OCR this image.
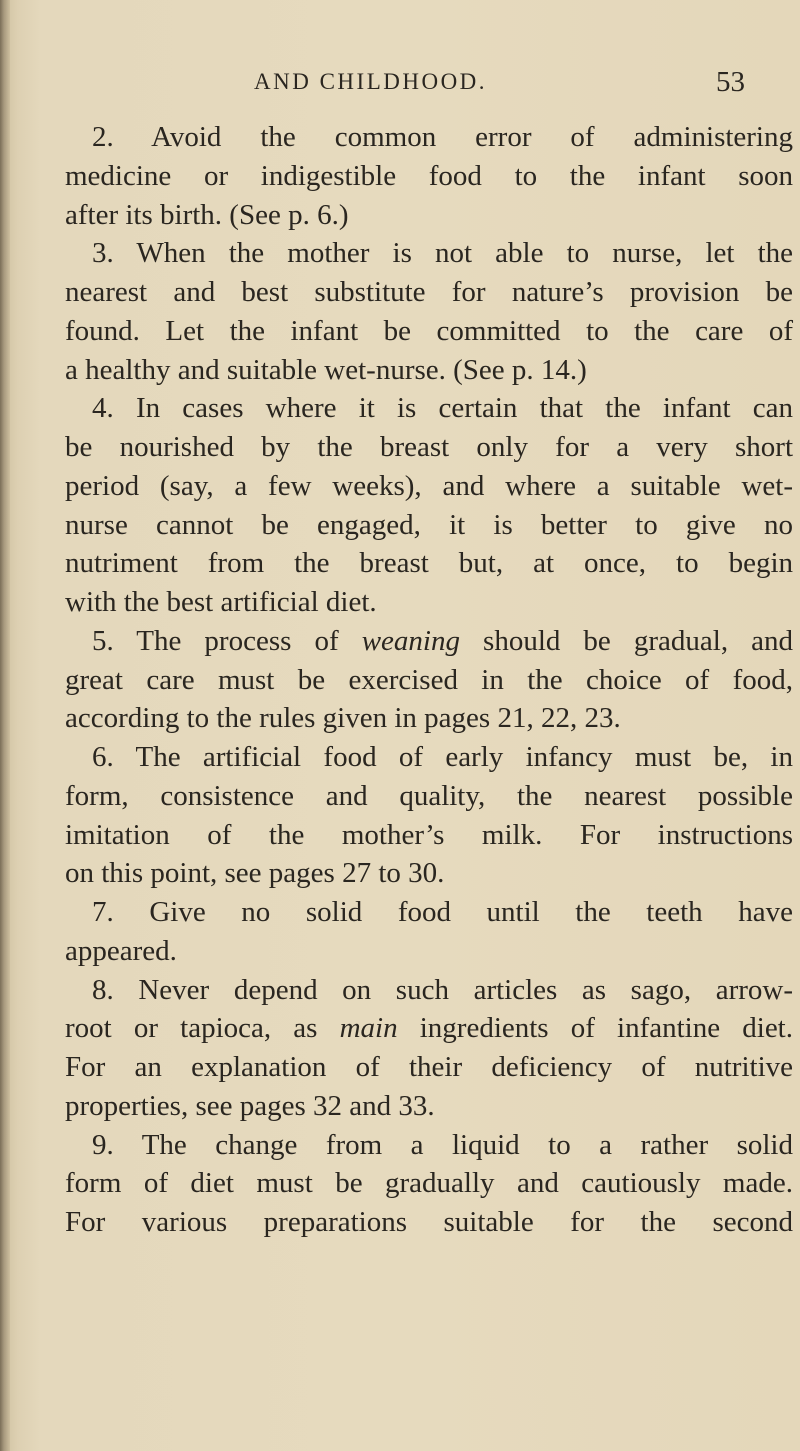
AND CHILDHOOD.	53
2. Avoid the common error of administering
medicine or indigestible food to the infant soon
after its birth. (See p. 6.)
3. When the mother is not able to nurse, let the
nearest and best substitute for nature’s provision be
found. Let the infant be committed to the care of
a healthy and suitable wet-nurse. (See p. 14.)
4. In cases where it is certain that the infant can
be nourished by the breast only for a very short
period (say, a few weeks), and where a suitable wet-
nurse cannot be engaged, it is better to give no
nutriment from the breast but, at once, to begin
with the best artificial diet.
5. The process of weaning should be gradual, and
great care must be exercised in the choice of food,
according to the rules given in pages 21, 22, 23.
6. The artificial food of early infancy must be, in
form, consistence and quality, the nearest possible
imitation of the mother’s milk. For instructions
on this point, see pages 27 to 30.
7. Give no solid food until the teeth have
appeared.
8. Never depend on such articles as sago, arrow-
root or tapioca, as main ingredients of infantine diet.
For an explanation of their deficiency of nutritive
properties, see pages 32 and 33.
9. The change from a liquid to a rather solid
form of diet must be gradually and cautiously made.
For various preparations suitable for the second
